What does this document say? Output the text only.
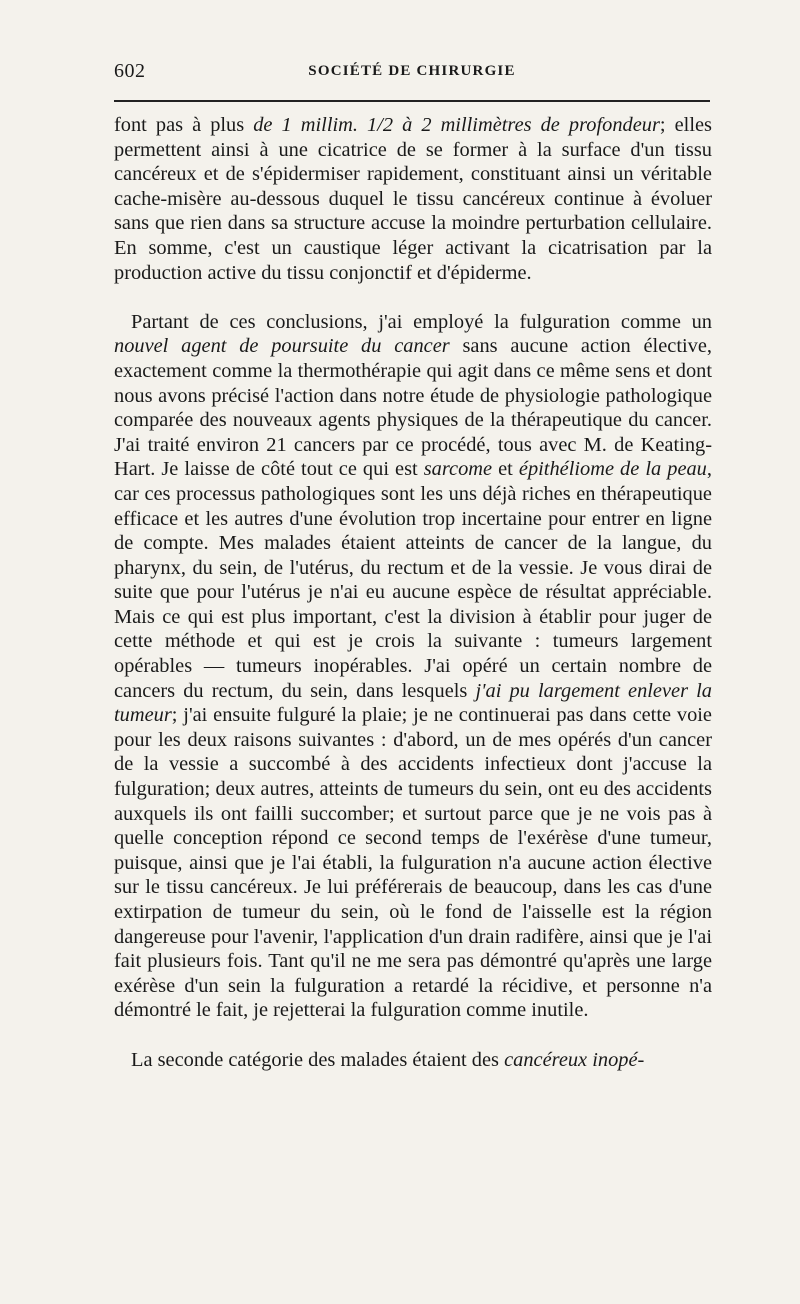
602	SOCIÉTÉ DE CHIRURGIE

font pas à plus de 1 millim. 1/2 à 2 millimètres de profondeur; elles permettent ainsi à une cicatrice de se former à la surface d'un tissu cancéreux et de s'épidermiser rapidement, constituant ainsi un véritable cache-misère au-dessous duquel le tissu cancéreux continue à évoluer sans que rien dans sa structure accuse la moindre perturbation cellulaire. En somme, c'est un caustique léger activant la cicatrisation par la production active du tissu conjonctif et d'épiderme.

Partant de ces conclusions, j'ai employé la fulguration comme un nouvel agent de poursuite du cancer sans aucune action élective, exactement comme la thermothérapie qui agit dans ce même sens et dont nous avons précisé l'action dans notre étude de physiologie pathologique comparée des nouveaux agents physiques de la thérapeutique du cancer. J'ai traité environ 21 cancers par ce procédé, tous avec M. de Keating-Hart. Je laisse de côté tout ce qui est sarcome et épithéliome de la peau, car ces processus pathologiques sont les uns déjà riches en thérapeutique efficace et les autres d'une évolution trop incertaine pour entrer en ligne de compte. Mes malades étaient atteints de cancer de la langue, du pharynx, du sein, de l'utérus, du rectum et de la vessie. Je vous dirai de suite que pour l'utérus je n'ai eu aucune espèce de résultat appréciable. Mais ce qui est plus important, c'est la division à établir pour juger de cette méthode et qui est je crois la suivante : tumeurs largement opérables — tumeurs inopérables. J'ai opéré un certain nombre de cancers du rectum, du sein, dans lesquels j'ai pu largement enlever la tumeur; j'ai ensuite fulguré la plaie; je ne continuerai pas dans cette voie pour les deux raisons suivantes : d'abord, un de mes opérés d'un cancer de la vessie a succombé à des accidents infectieux dont j'accuse la fulguration; deux autres, atteints de tumeurs du sein, ont eu des accidents auxquels ils ont failli succomber; et surtout parce que je ne vois pas à quelle conception répond ce second temps de l'exérèse d'une tumeur, puisque, ainsi que je l'ai établi, la fulguration n'a aucune action élective sur le tissu cancéreux. Je lui préférerais de beaucoup, dans les cas d'une extirpation de tumeur du sein, où le fond de l'aisselle est la région dangereuse pour l'avenir, l'application d'un drain radifère, ainsi que je l'ai fait plusieurs fois. Tant qu'il ne me sera pas démontré qu'après une large exérèse d'un sein la fulguration a retardé la récidive, et personne n'a démontré le fait, je rejetterai la fulguration comme inutile.

La seconde catégorie des malades étaient des cancéreux inopé-
